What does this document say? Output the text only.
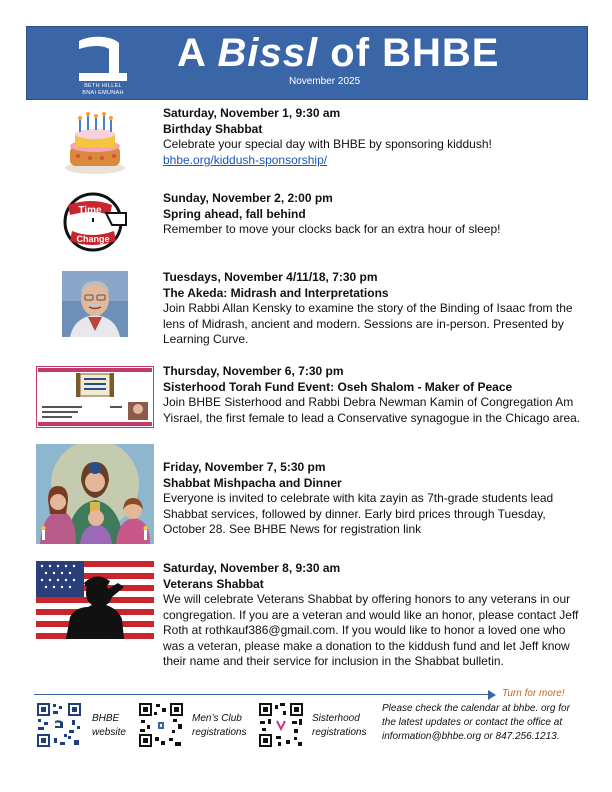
BETH HILLEL
BNAI EMUNAH
A Bissl of BHBE
November 2025
Saturday, November 1, 9:30 am
Birthday Shabbat
Celebrate your special day with BHBE by sponsoring kiddush!
bhbe.org/kiddush-sponsorship/
Time
Change
Sunday, November 2, 2:00 pm
Spring ahead, fall behind
Remember to move your clocks back for an extra hour of sleep!
Tuesdays, November 4/11/18, 7:30 pm
The Akeda: Midrash and Interpretations
Join Rabbi Allan Kensky to examine the story of the Binding of Isaac from the lens of Midrash, ancient and modern. Sessions are in-person. Presented by Learning Curve.
Thursday, November 6, 7:30 pm
Sisterhood Torah Fund Event: Oseh Shalom - Maker of Peace
Join BHBE Sisterhood and Rabbi Debra Newman Kamin of Congregation Am Yisrael, the first female to lead a Conservative synagogue in the Chicago area.
Friday, November 7, 5:30 pm
Shabbat Mishpacha and Dinner
Everyone is invited to celebrate with kita zayin as 7th-grade students lead Shabbat services, followed by dinner. Early bird prices through Tuesday, October 28. See BHBE News for registration link
Saturday, November 8, 9:30 am
Veterans Shabbat
We will celebrate Veterans Shabbat by offering honors to any veterans in our congregation. If you are a veteran and would like an honor, please contact Jeff Roth at rothkauf386@gmail.com. If you would like to honor a loved one who was a veteran, please make a donation to the kiddush fund and let Jeff know their name and their service for inclusion in the Shabbat bulletin.
Turn for more!
BHBE
website
Men’s Club
registrations
Sisterhood
registrations
Please check the calendar at bhbe. org for the latest updates or contact the office at information@bhbe.org or 847.256.1213.
